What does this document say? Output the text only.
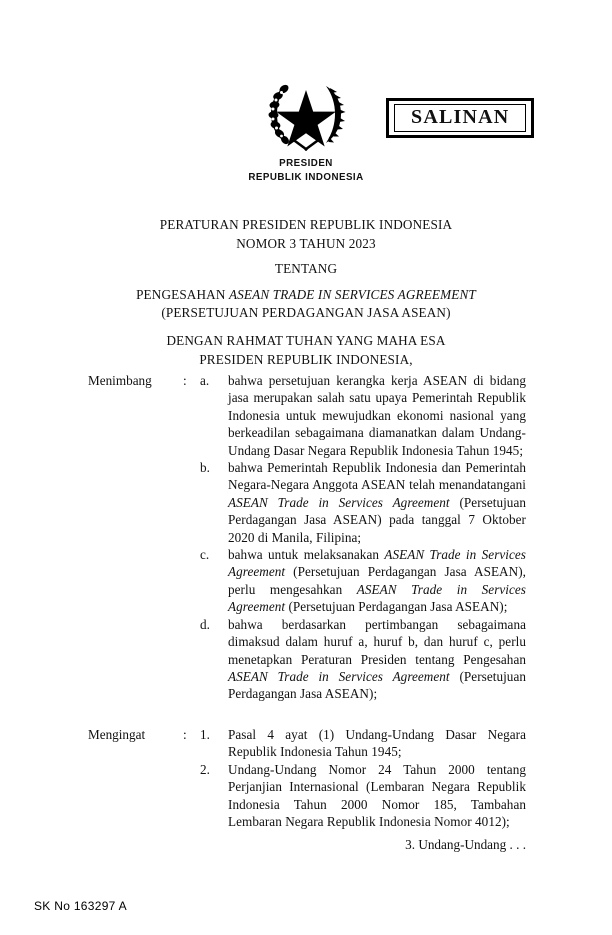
SALINAN
PRESIDEN
REPUBLIK INDONESIA
PERATURAN PRESIDEN REPUBLIK INDONESIA
NOMOR 3 TAHUN 2023
TENTANG
PENGESAHAN ASEAN TRADE IN SERVICES AGREEMENT
(PERSETUJUAN PERDAGANGAN JASA ASEAN)
DENGAN RAHMAT TUHAN YANG MAHA ESA
PRESIDEN REPUBLIK INDONESIA,
Menimbang : a.	bahwa persetujuan kerangka kerja ASEAN di bidang jasa merupakan salah satu upaya Pemerintah Republik Indonesia untuk mewujudkan ekonomi nasional yang berkeadilan sebagaimana diamanatkan dalam Undang-Undang Dasar Negara Republik Indonesia Tahun 1945;
b.	bahwa Pemerintah Republik Indonesia dan Pemerintah Negara-Negara Anggota ASEAN telah menandatangani ASEAN Trade in Services Agreement (Persetujuan Perdagangan Jasa ASEAN) pada tanggal 7 Oktober 2020 di Manila, Filipina;
c.	bahwa untuk melaksanakan ASEAN Trade in Services Agreement (Persetujuan Perdagangan Jasa ASEAN), perlu mengesahkan ASEAN Trade in Services Agreement (Persetujuan Perdagangan Jasa ASEAN);
d.	bahwa berdasarkan pertimbangan sebagaimana dimaksud dalam huruf a, huruf b, dan huruf c, perlu menetapkan Peraturan Presiden tentang Pengesahan ASEAN Trade in Services Agreement (Persetujuan Perdagangan Jasa ASEAN);
Mengingat	: 1.	Pasal 4 ayat (1) Undang-Undang Dasar Negara Republik Indonesia Tahun 1945;
2.	Undang-Undang Nomor 24 Tahun 2000 tentang Perjanjian Internasional (Lembaran Negara Republik Indonesia Tahun 2000 Nomor 185, Tambahan Lembaran Negara Republik Indonesia Nomor 4012);
3. Undang-Undang . . .
SK No 163297 A
